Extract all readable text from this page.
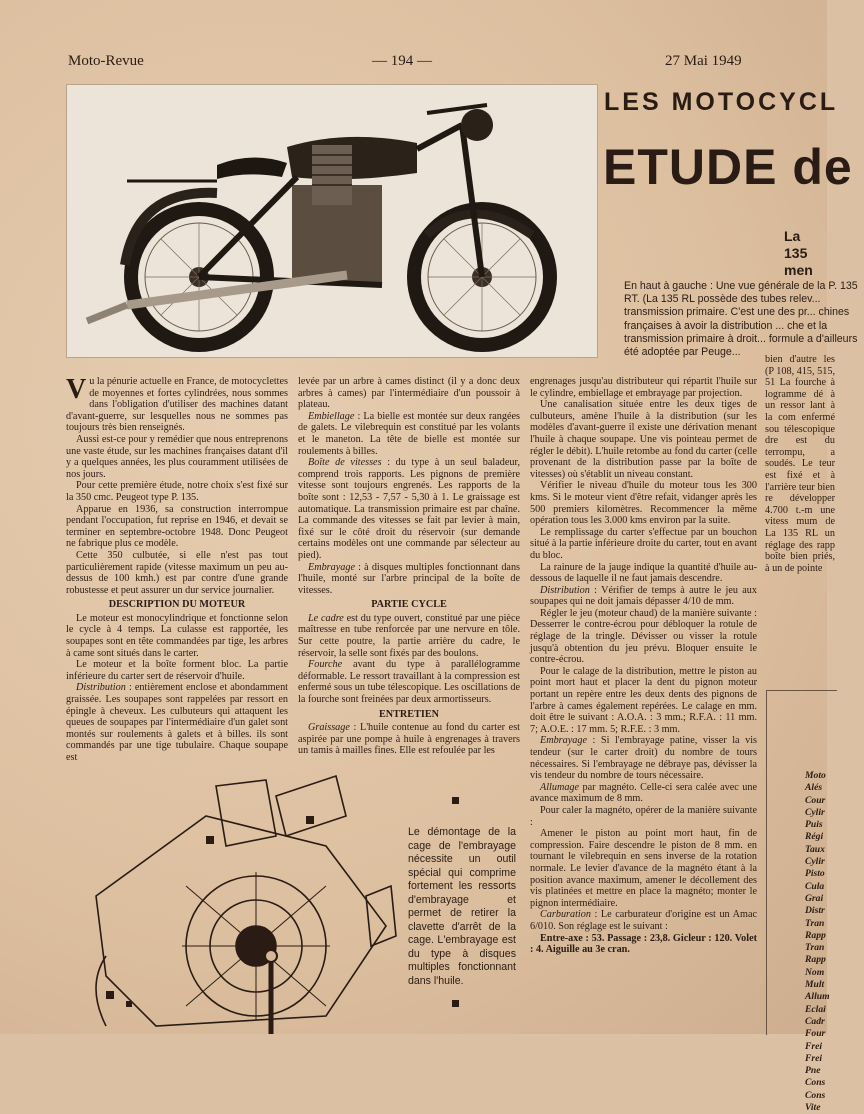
Moto-Revue	— 194 —	27 Mai 1949
LES MOTOCYCL
ETUDE de
La
135
men
En haut à gauche : Une vue générale de la P. 135 RT. (La 135 RL possède des tubes relev... transmission primaire. C'est une des pr... chines françaises à avoir la distribution ... che et la transmission primaire à droit... formule a d'ailleurs été adoptée par Peuge...

Vu la pénurie actuelle en France, de motocyclettes de moyennes et fortes cylindrées, nous sommes dans l'obligation d'utiliser des machines datant d'avant-guerre, sur lesquelles nous ne sommes pas toujours très bien renseignés.

Aussi est-ce pour y remédier que nous entreprenons une vaste étude, sur les machines françaises datant d'il y a quelques années, les plus couramment utilisées de nos jours.

Pour cette première étude, notre choix s'est fixé sur la 350 cmc. Peugeot type P. 135.

Apparue en 1936, sa construction interrompue pendant l'occupation, fut reprise en 1946, et devait se terminer en septembre-octobre 1948. Donc Peugeot ne fabrique plus ce modèle.

Cette 350 culbutée, si elle n'est pas tout particulièrement rapide (vitesse maximum un peu au-dessus de 100 kmh.) est par contre d'une grande robustesse et peut assurer un dur service journalier.

DESCRIPTION DU MOTEUR

Le moteur est monocylindrique et fonctionne selon le cycle à 4 temps. La culasse est rapportée, les soupapes sont en tête commandées par tige, les arbres à came sont situés dans le carter.

Le moteur et la boîte forment bloc. La partie inférieure du carter sert de réservoir d'huile.

Distribution : entièrement enclose et abondamment graissée. Les soupapes sont rappelées par ressort en épingle à cheveux. Les culbuteurs qui attaquent les queues de soupapes par l'intermédiaire d'un galet sont montés sur roulements à galets et à billes. ils sont commandés par une tige tubulaire. Chaque soupape est

levée par un arbre à cames distinct (il y a donc deux arbres à cames) par l'intermédiaire d'un poussoir à plateau.

Embiellage : La bielle est montée sur deux rangées de galets. Le vilebrequin est constitué par les volants et le maneton. La tête de bielle est montée sur roulements à billes.

Boîte de vitesses : du type à un seul baladeur, comprend trois rapports. Les pignons de première vitesse sont toujours engrenés. Les rapports de la boîte sont : 12,53 - 7,57 - 5,30 à 1. Le graissage est automatique. La transmission primaire est par chaîne. La commande des vitesses se fait par levier à main, fixé sur le côté droit du réservoir (sur demande certains modèles ont une commande par sélecteur au pied).

Embrayage : à disques multiples fonctionnant dans l'huile, monté sur l'arbre principal de la boîte de vitesses.

PARTIE CYCLE

Le cadre est du type ouvert, constitué par une pièce maîtresse en tube renforcée par une nervure en tôle. Sur cette poutre, la partie arrière du cadre, le réservoir, la selle sont fixés par des boulons.

Fourche avant du type à parallélogramme déformable. Le ressort travaillant à la compression est enfermé sous un tube télescopique. Les oscillations de la fourche sont freinées par deux armortisseurs.

ENTRETIEN

Graissage : L'huile contenue au fond du carter est aspirée par une pompe à huile à engrenages à travers un tamis à mailles fines. Elle est refoulée par les

engrenages jusqu'au distributeur qui répartit l'huile sur le cylindre, embiellage et embrayage par projection.

Une canalisation située entre les deux tiges de culbuteurs, amène l'huile à la distribution (sur les modèles d'avant-guerre il existe une dérivation menant l'huile à chaque soupape. Une vis pointeau permet de régler le débit). L'huile retombe au fond du carter (celle provenant de la distribution passe par la boîte de vitesses) où s'établit un niveau constant.

Vérifier le niveau d'huile du moteur tous les 300 kms. Si le moteur vient d'être refait, vidanger après les 500 premiers kilomètres. Recommencer la même opération tous les 3.000 kms environ par la suite.

Le remplissage du carter s'effectue par un bouchon situé à la partie inférieure droite du carter, tout en avant du bloc.

La rainure de la jauge indique la quantité d'huile au-dessous de laquelle il ne faut jamais descendre.

Distribution : Vérifier de temps à autre le jeu aux soupapes qui ne doit jamais dépasser 4/10 de mm.

Régler le jeu (moteur chaud) de la manière suivante : Desserrer le contre-écrou pour débloquer la rotule de réglage de la tringle. Dévisser ou visser la rotule jusqu'à obtention du jeu prévu. Bloquer ensuite le contre-écrou.

Pour le calage de la distribution, mettre le piston au point mort haut et placer la dent du pignon moteur portant un repère entre les deux dents des pignons de l'arbre à cames également repérées. Le calage en mm. doit être le suivant : A.O.A. : 3 mm.; R.F.A. : 11 mm. 7; A.O.E. : 17 mm. 5; R.F.E. : 3 mm.

Embrayage : Si l'embrayage patine, visser la vis tendeur (sur le carter droit) du nombre de tours nécessaires. Si l'embrayage ne débraye pas, dévisser la vis tendeur du nombre de tours nécessaire.

Allumage par magnéto. Celle-ci sera calée avec une avance maximum de 8 mm.

Pour caler la magnéto, opérer de la manière suivante :

Amener le piston au point mort haut, fin de compression. Faire descendre le piston de 8 mm. en tournant le vilebrequin en sens inverse de la rotation normale. Le levier d'avance de la magnéto étant à la position avance maximum, amener le décollement des vis platinées et mettre en place la magnéto; monter le pignon intermédiaire.

Carburation : Le carburateur d'origine est un Amac 6/010. Son réglage est le suivant :

Entre-axe : 53. Passage : 23,8. Gicleur : 120. Volet : 4. Aiguille au 3e cran.

bien d'autre les (P 108, 415, 515, 51 La fourche à logramme dé à un ressor lant à la com enfermé sou télescopique dre est du terrompu, a soudés. Le teur est fixé et à l'arrière teur bien re développer 4.700 t.-m une vitess mum de La 135 RL un réglage des rapp boîte bien priés, à un de pointe
Le démontage de la cage de l'embrayage nécessite un outil spécial qui comprime fortement les ressorts d'embrayage et permet de retirer la clavette d'arrêt de la cage. L'embrayage est du type à disques multiples fonctionnant dans l'huile.
Moto
Alés
Cour
Cylir
Puis
Régi
Taux
Cylir
Pisto
Cula
Grai
Distr
Tran
Rapp
Tran
Rapp
Nom
Mult
Allum
Eclai
Cadr
Four
Frei
Frei
Pne
Cons
Cons
Vite
